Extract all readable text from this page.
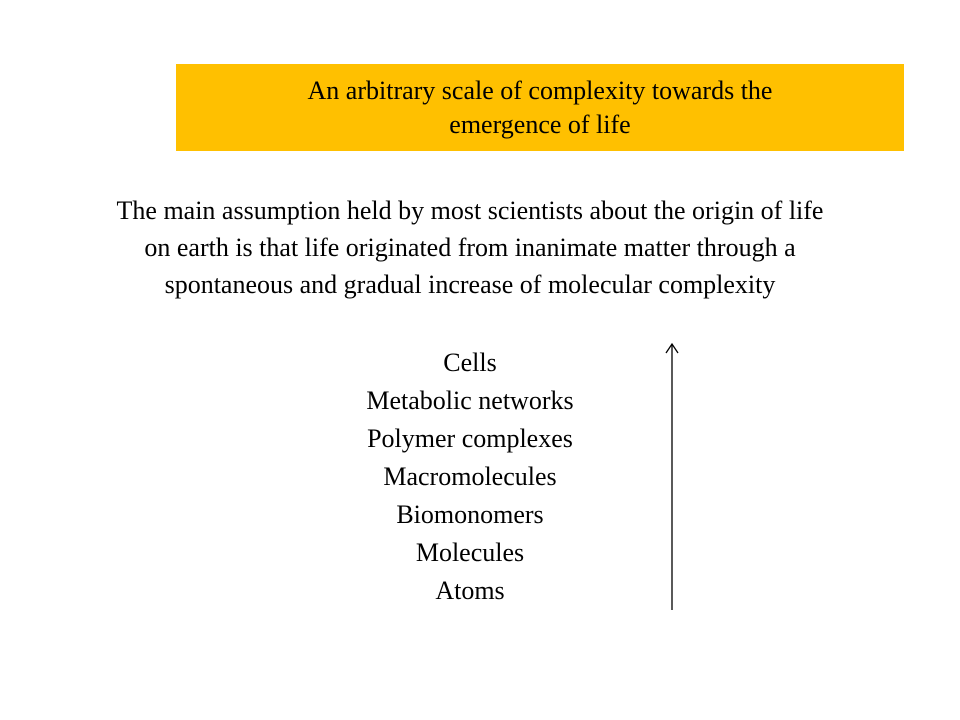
An arbitrary scale of complexity towards the
emergence of life
The main assumption held by most scientists about the origin of life
on earth is that life originated from inanimate matter through a
spontaneous and gradual increase of molecular complexity
Cells
Metabolic networks
Polymer complexes
Macromolecules
Biomonomers
Molecules
Atoms
